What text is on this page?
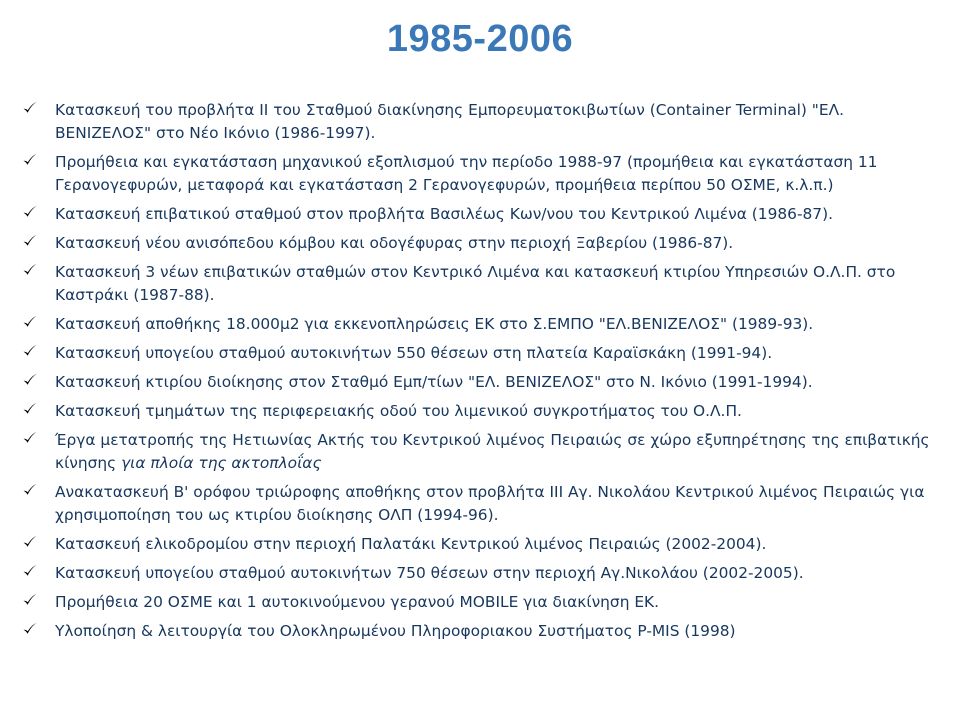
1985-2006
Κατασκευή του προβλήτα ΙΙ του Σταθμού διακίνησης Εμπορευματοκιβωτίων (Container Terminal) "ΕΛ. ΒΕΝΙΖΕΛΟΣ" στο Νέο Ικόνιο (1986-1997).
Προμήθεια και εγκατάσταση μηχανικού εξοπλισμού την περίοδο 1988-97 (προμήθεια και εγκατάσταση 11 Γερανογεφυρών, μεταφορά και εγκατάσταση 2 Γερανογεφυρών, προμήθεια περίπου 50 ΟΣΜΕ, κ.λ.π.)
Κατασκευή επιβατικού σταθμού στον προβλήτα Βασιλέως Κων/νου του Κεντρικού Λιμένα (1986-87).
Κατασκευή νέου ανισόπεδου κόμβου και οδογέφυρας στην περιοχή Ξαβερίου (1986-87).
Κατασκευή 3 νέων επιβατικών σταθμών στον Κεντρικό Λιμένα και κατασκευή κτιρίου Υπηρεσιών Ο.Λ.Π. στο Καστράκι (1987-88).
Κατασκευή αποθήκης 18.000μ2 για εκκενοπληρώσεις ΕΚ στο Σ.ΕΜΠΟ "ΕΛ.ΒΕΝΙΖΕΛΟΣ" (1989-93).
Κατασκευή υπογείου σταθμού αυτοκινήτων 550 θέσεων στη πλατεία Καραϊσκάκη (1991-94).
Κατασκευή κτιρίου διοίκησης στον Σταθμό Εμπ/τίων "ΕΛ. ΒΕΝΙΖΕΛΟΣ" στο Ν. Ικόνιο (1991-1994).
Κατασκευή τμημάτων της περιφερειακής οδού του λιμενικού συγκροτήματος του Ο.Λ.Π.
Έργα μετατροπής της Ηετιωνίας Ακτής του Κεντρικού λιμένος Πειραιώς σε χώρο εξυπηρέτησης της επιβατικής κίνησης για πλοία της ακτοπλοΐας
Ανακατασκευή Β' ορόφου τριώροφης αποθήκης στον προβλήτα ΙΙΙ Αγ. Νικολάου Κεντρικού λιμένος Πειραιώς για χρησιμοποίηση του ως κτιρίου διοίκησης ΟΛΠ (1994-96).
Κατασκευή ελικοδρομίου στην περιοχή Παλατάκι Κεντρικού λιμένος Πειραιώς (2002-2004).
Κατασκευή υπογείου σταθμού αυτοκινήτων 750 θέσεων στην περιοχή Αγ.Νικολάου (2002-2005).
Προμήθεια 20 ΟΣΜΕ και 1 αυτοκινούμενου γερανού MOBILE για διακίνηση ΕΚ.
Υλοποίηση & λειτουργία του Ολοκληρωμένου Πληροφοριακου Συστήματος P-MIS (1998)
